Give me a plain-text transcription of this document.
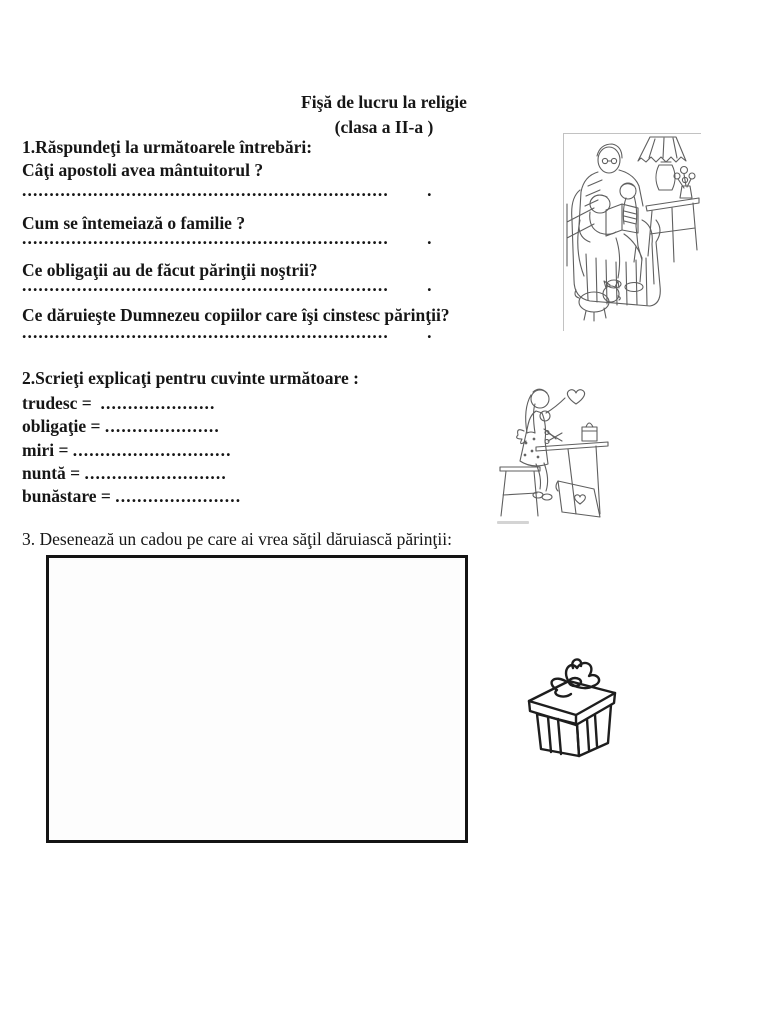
Fişă de lucru la religie
(clasa a II-a )
1.Răspundeţi la următoarele întrebări:
Câţi apostoli avea mântuitorul ?
...................................................................       .
Cum se întemeiază o familie ?
...................................................................       .
Ce obligaţii au de făcut părinţii noştrii?
...................................................................       .
Ce dăruieşte Dumnezeu copiilor care îşi cinstesc părinţii?
...................................................................       .
2.Scrieţi explicaţi pentru cuvinte următoare :
trudesc =  .....................
obligaţie = .....................
miri = .............................
nuntă = ..........................
bunăstare = .......................
3. Desenează un cadou pe care ai vrea săţil dăruiască părinţii:
